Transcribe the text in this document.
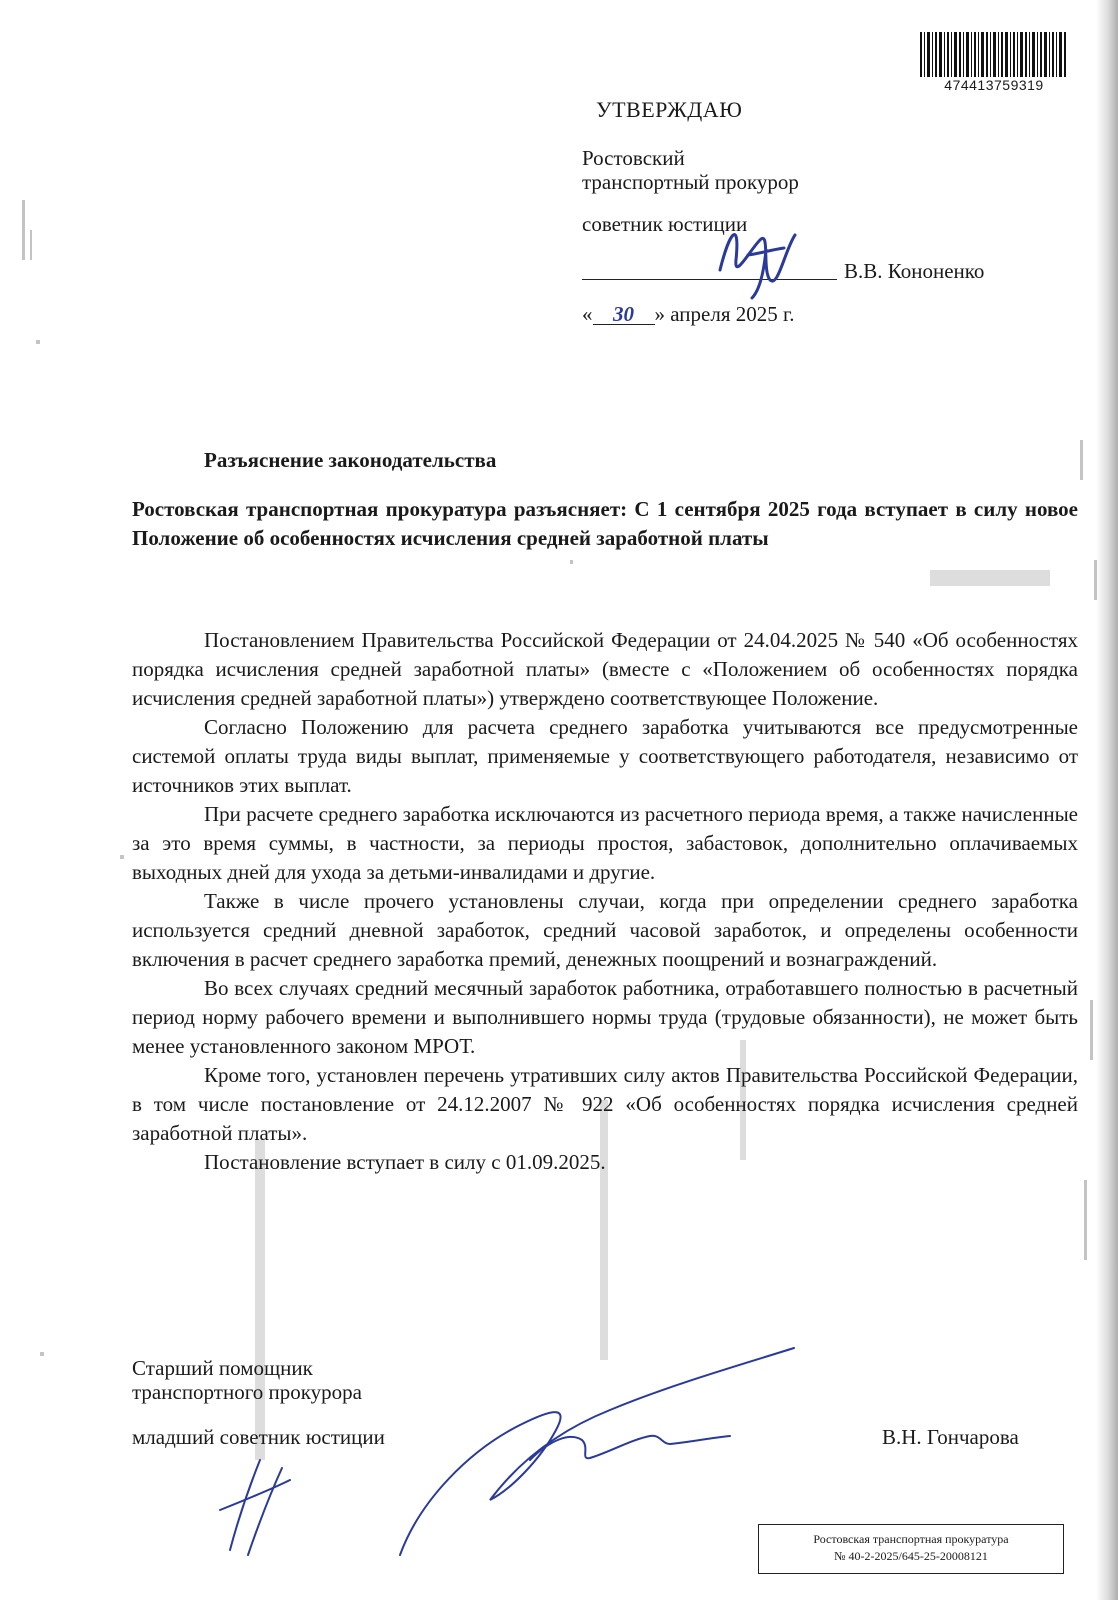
474413759319
УТВЕРЖДАЮ
Ростовский
транспортный прокурор
советник юстиции
В.В. Кононенко
« 30 » апреля 2025 г.
Разъяснение законодательства
Ростовская транспортная прокуратура разъясняет: С 1 сентября 2025 года вступает в силу новое Положение об особенностях исчисления средней заработной платы

Постановлением Правительства Российской Федерации от 24.04.2025 № 540 «Об особенностях порядка исчисления средней заработной платы» (вместе с «Положением об особенностях порядка исчисления средней заработной платы») утверждено соответствующее Положение.

Согласно Положению для расчета среднего заработка учитываются все предусмотренные системой оплаты труда виды выплат, применяемые у соответствующего работодателя, независимо от источников этих выплат.

При расчете среднего заработка исключаются из расчетного периода время, а также начисленные за это время суммы, в частности, за периоды простоя, забастовок, дополнительно оплачиваемых выходных дней для ухода за детьми-инвалидами и другие.

Также в числе прочего установлены случаи, когда при определении среднего заработка используется средний дневной заработок, средний часовой заработок, и определены особенности включения в расчет среднего заработка премий, денежных поощрений и вознаграждений.

Во всех случаях средний месячный заработок работника, отработавшего полностью в расчетный период норму рабочего времени и выполнившего нормы труда (трудовые обязанности), не может быть менее установленного законом МРОТ.

Кроме того, установлен перечень утративших силу актов Правительства Российской Федерации, в том числе постановление от 24.12.2007 № 922 «Об особенностях порядка исчисления средней заработной платы».

Постановление вступает в силу с 01.09.2025.

Старший помощник
транспортного прокурора
младший советник юстиции	В.Н. Гончарова
Ростовская транспортная прокуратура
№ 40-2-2025/645-25-20008121
